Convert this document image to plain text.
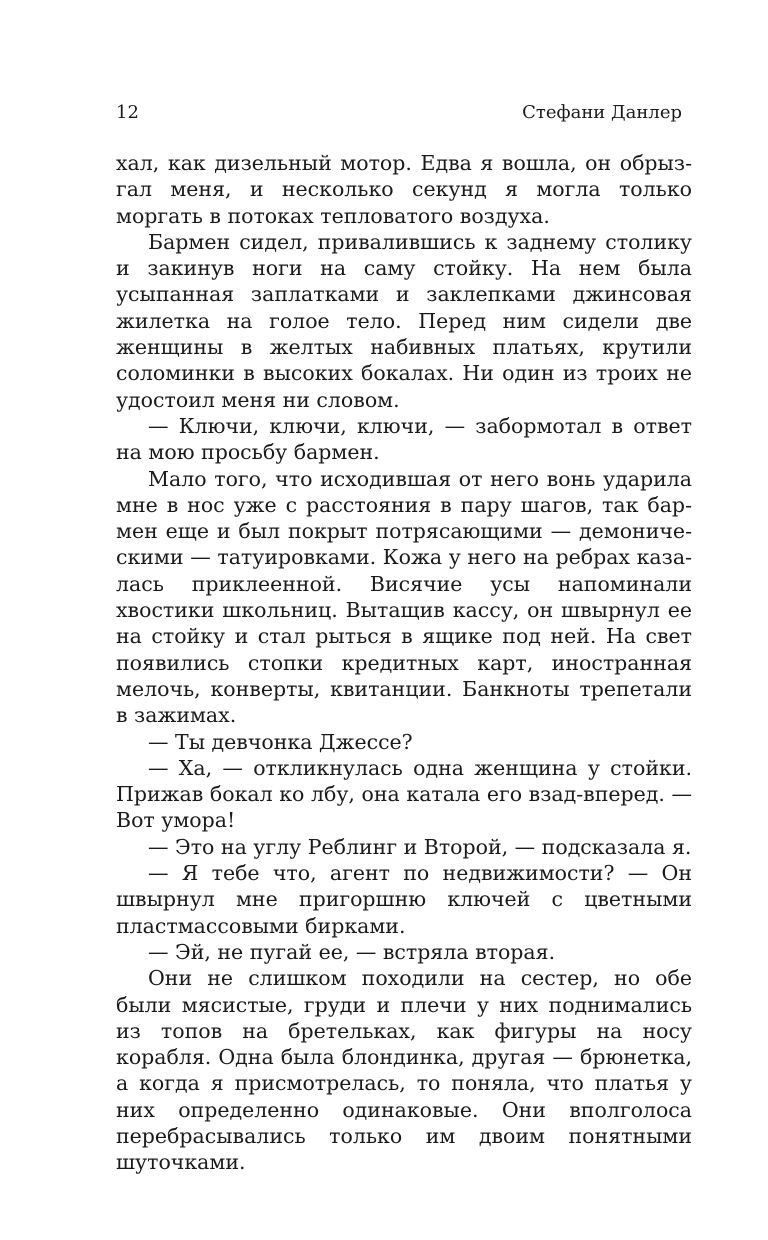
12	Стефани Данлер

хал, как дизельный мотор. Едва я вошла, он обрызгал меня, и несколько секунд я могла только моргать в потоках тепловатого воздуха.

Бармен сидел, привалившись к заднему столику и закинув ноги на саму стойку. На нем была усыпанная заплатками и заклепками джинсовая жилетка на голое тело. Перед ним сидели две женщины в желтых набивных платьях, крутили соломинки в высоких бокалах. Ни один из троих не удостоил меня ни словом.

— Ключи, ключи, ключи, — забормотал в ответ на мою просьбу бармен.

Мало того, что исходившая от него вонь ударила мне в нос уже с расстояния в пару шагов, так бармен еще и был покрыт потрясающими — демоническими — татуировками. Кожа у него на ребрах казалась приклеенной. Висячие усы напоминали хвостики школьниц. Вытащив кассу, он швырнул ее на стойку и стал рыться в ящике под ней. На свет появились стопки кредитных карт, иностранная мелочь, конверты, квитанции. Банкноты трепетали в зажимах.

— Ты девчонка Джессе?

— Ха, — откликнулась одна женщина у стойки. Прижав бокал ко лбу, она катала его взад-вперед. — Вот умора!

— Это на углу Реблинг и Второй, — подсказала я.

— Я тебе что, агент по недвижимости? — Он швырнул мне пригоршню ключей с цветными пластмассовыми бирками.

— Эй, не пугай ее, — встряла вторая.

Они не слишком походили на сестер, но обе были мясистые, груди и плечи у них поднимались из топов на бретельках, как фигуры на носу корабля. Одна была блондинка, другая — брюнетка, а когда я присмотрелась, то поняла, что платья у них определенно одинаковые. Они вполголоса перебрасывались только им двоим понятными шуточками.
